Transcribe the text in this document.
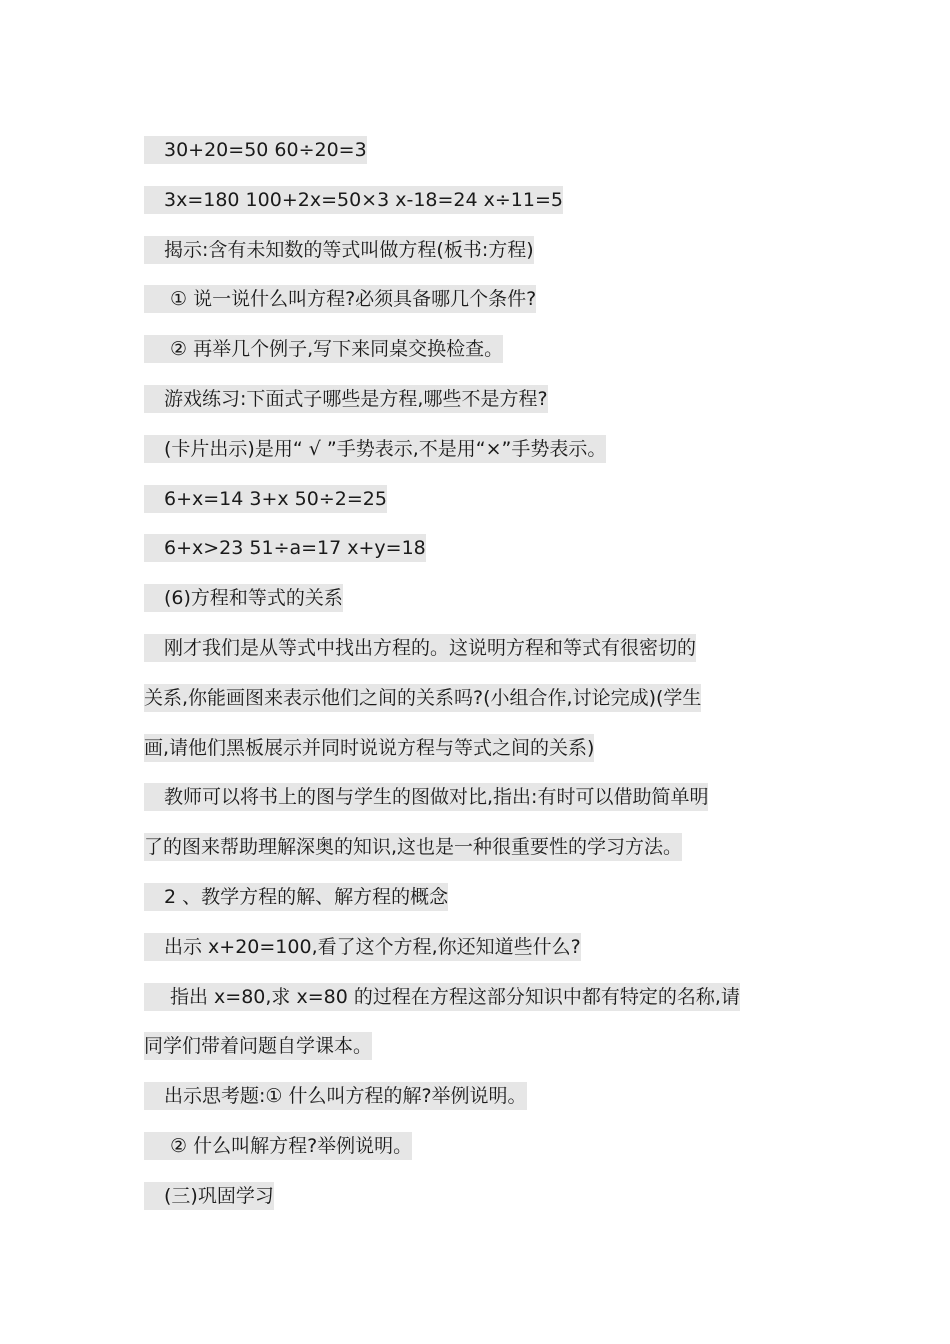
30+20=50 60÷20=3
3x=180 100+2x=50×3 x-18=24 x÷11=5
揭示:含有未知数的等式叫做方程(板书:方程)
① 说一说什么叫方程?必须具备哪几个条件?
② 再举几个例子,写下来同桌交换检查。
游戏练习:下面式子哪些是方程,哪些不是方程?
(卡片出示)是用“ √ ”手势表示,不是用“×”手势表示。
6+x=14 3+x 50÷2=25
6+x>23 51÷a=17 x+y=18
(6)方程和等式的关系
刚才我们是从等式中找出方程的。这说明方程和等式有很密切的
关系,你能画图来表示他们之间的关系吗?(小组合作,讨论完成)(学生
画,请他们黑板展示并同时说说方程与等式之间的关系)
教师可以将书上的图与学生的图做对比,指出:有时可以借助简单明
了的图来帮助理解深奥的知识,这也是一种很重要性的学习方法。
2 、教学方程的解、解方程的概念
出示 x+20=100,看了这个方程,你还知道些什么?
指出 x=80,求 x=80 的过程在方程这部分知识中都有特定的名称,请
同学们带着问题自学课本。
出示思考题:① 什么叫方程的解?举例说明。
② 什么叫解方程?举例说明。
(三)巩固学习
